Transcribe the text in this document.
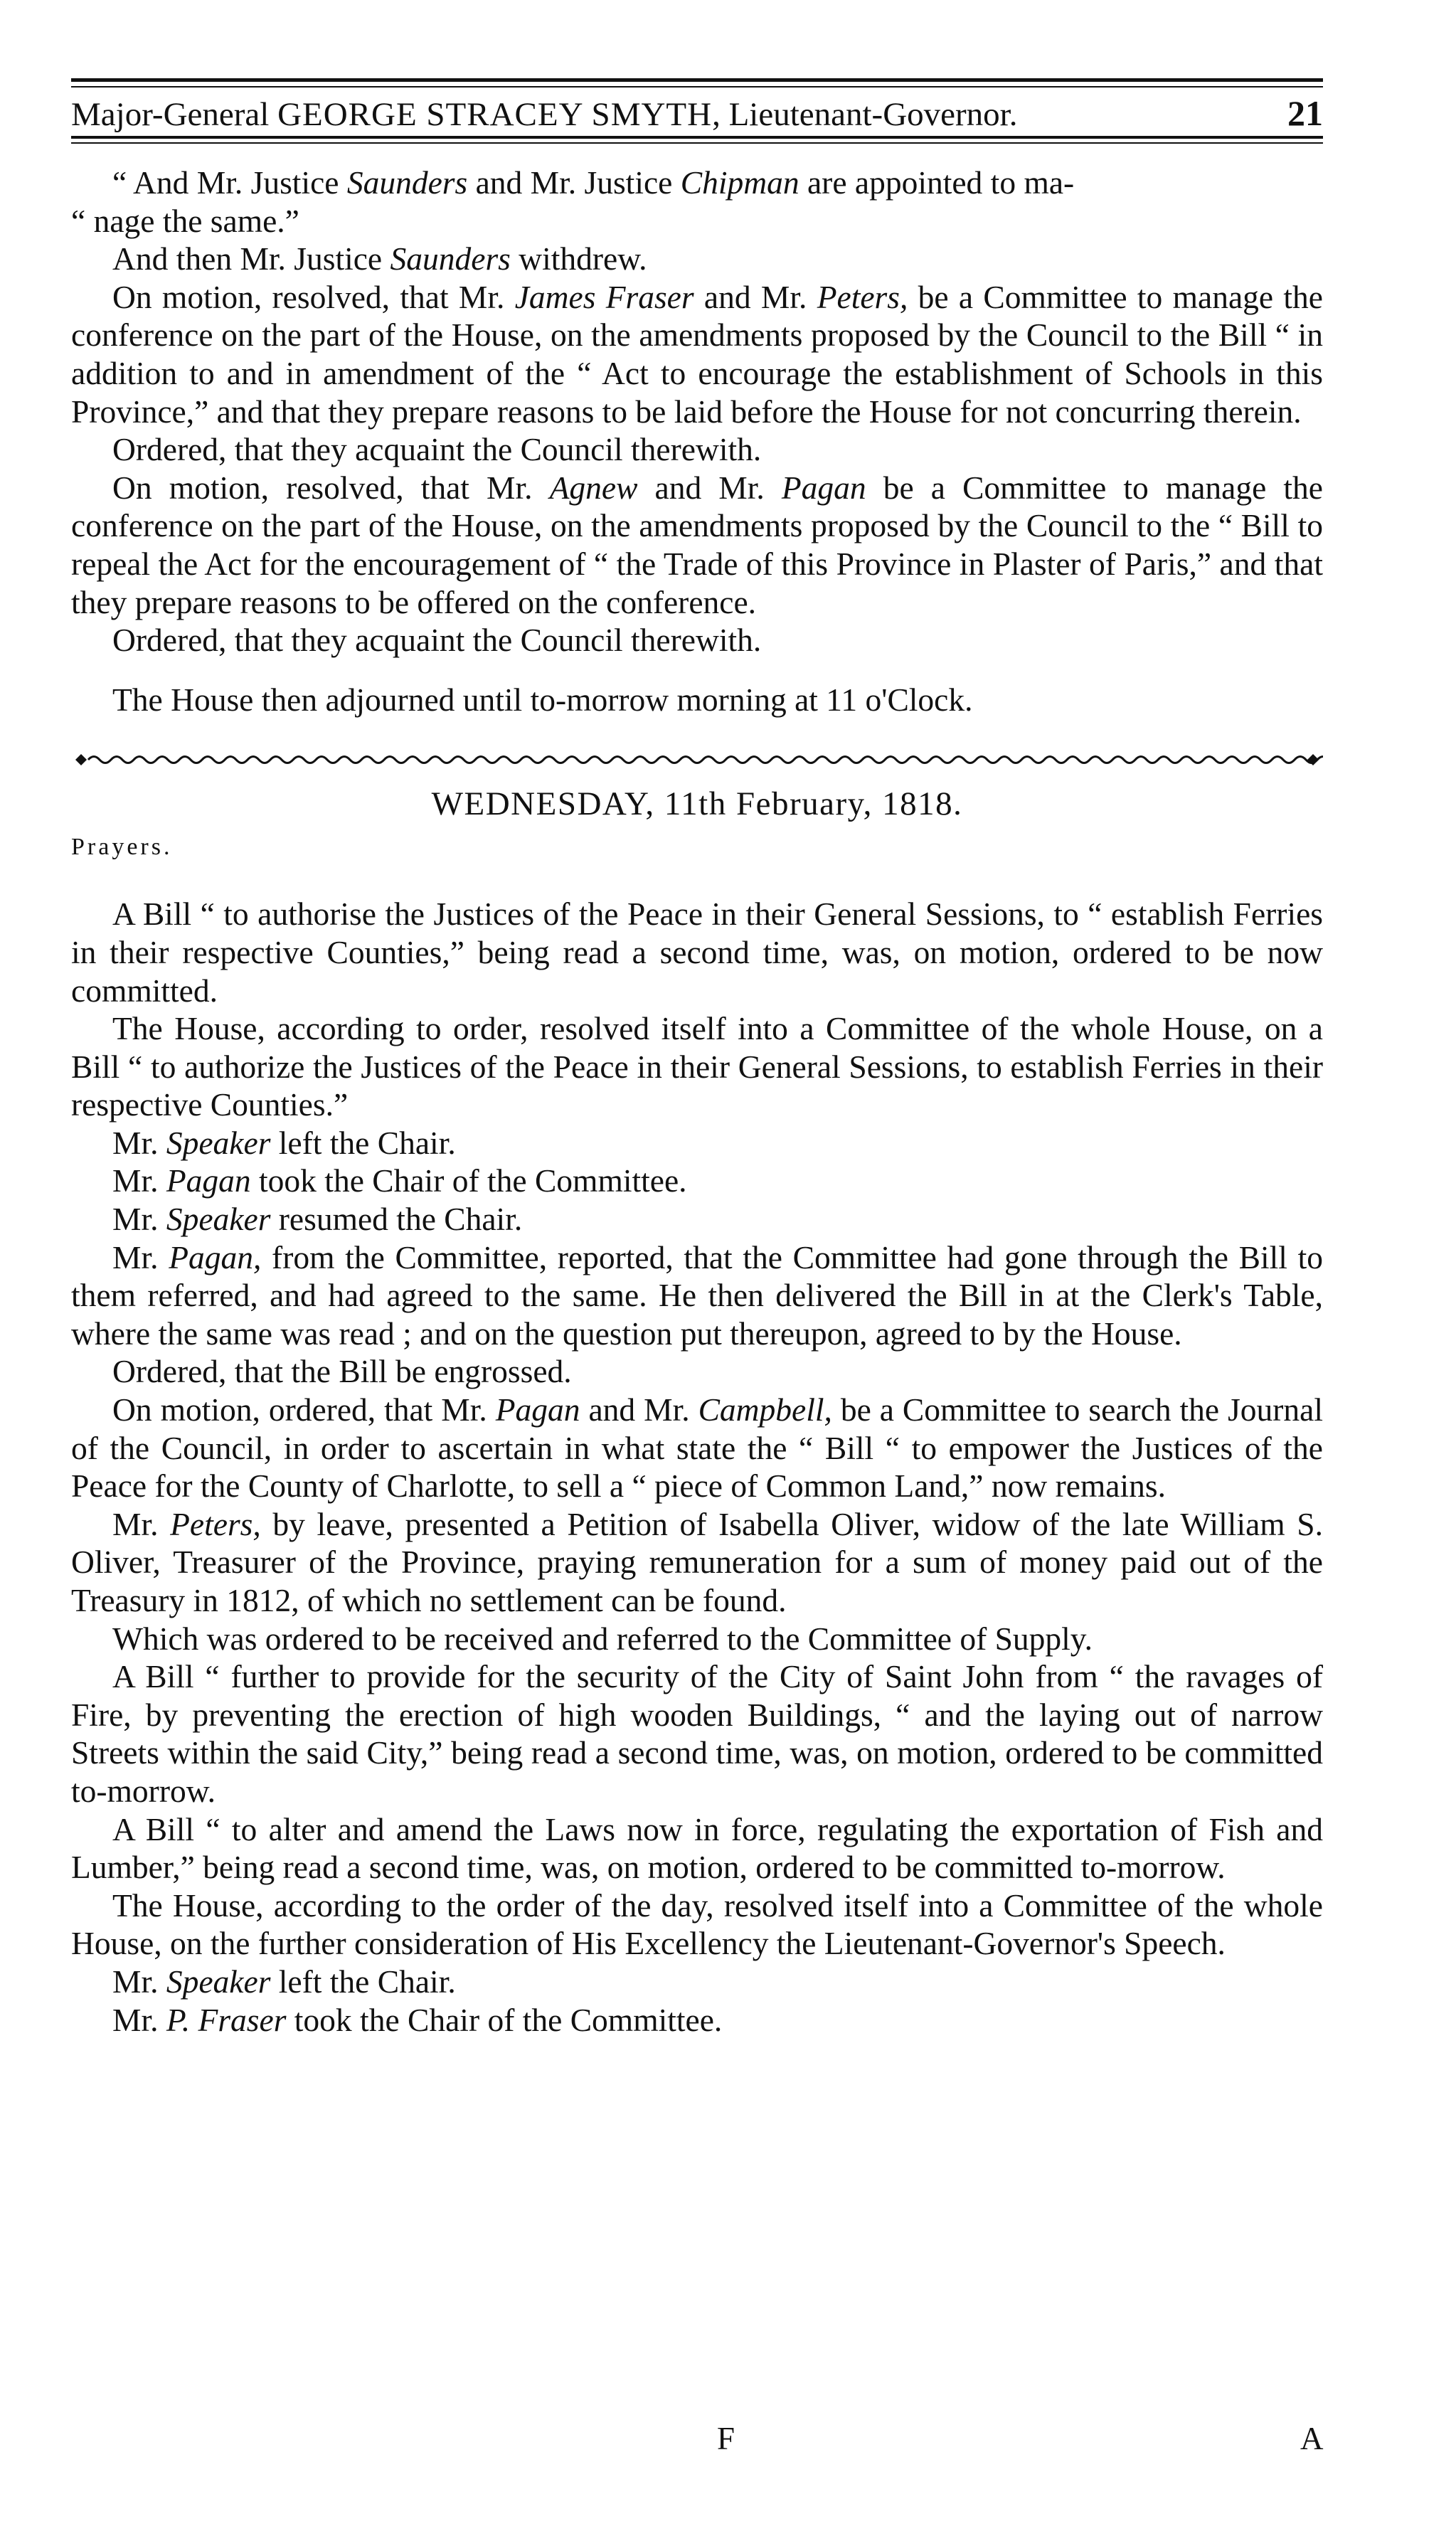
Major-General GEORGE STRACEY SMYTH, Lieutenant-Governor.	21

“ And Mr. Justice Saunders and Mr. Justice Chipman are appointed to ma-
“ nage the same.”

And then Mr. Justice Saunders withdrew.

On motion, resolved, that Mr. James Fraser and Mr. Peters, be a Committee to manage the conference on the part of the House, on the amendments proposed by the Council to the Bill “ in addition to and in amendment of the “ Act to encourage the establishment of Schools in this Province,” and that they prepare reasons to be laid before the House for not concurring therein.

Ordered, that they acquaint the Council therewith.

On motion, resolved, that Mr. Agnew and Mr. Pagan be a Committee to manage the conference on the part of the House, on the amendments proposed by the Council to the “ Bill to repeal the Act for the encouragement of “ the Trade of this Province in Plaster of Paris,” and that they prepare reasons to be offered on the conference.

Ordered, that they acquaint the Council therewith.

The House then adjourned until to-morrow morning at 11 o'Clock.

WEDNESDAY, 11th February, 1818.
Prayers.

A Bill “ to authorise the Justices of the Peace in their General Sessions, to “ establish Ferries in their respective Counties,” being read a second time, was, on motion, ordered to be now committed.

The House, according to order, resolved itself into a Committee of the whole House, on a Bill “ to authorize the Justices of the Peace in their General Sessions, to establish Ferries in their respective Counties.”

Mr. Speaker left the Chair.

Mr. Pagan took the Chair of the Committee.

Mr. Speaker resumed the Chair.

Mr. Pagan, from the Committee, reported, that the Committee had gone through the Bill to them referred, and had agreed to the same. He then delivered the Bill in at the Clerk's Table, where the same was read ; and on the question put thereupon, agreed to by the House.

Ordered, that the Bill be engrossed.

On motion, ordered, that Mr. Pagan and Mr. Campbell, be a Committee to search the Journal of the Council, in order to ascertain in what state the “ Bill “ to empower the Justices of the Peace for the County of Charlotte, to sell a “ piece of Common Land,” now remains.

Mr. Peters, by leave, presented a Petition of Isabella Oliver, widow of the late William S. Oliver, Treasurer of the Province, praying remuneration for a sum of money paid out of the Treasury in 1812, of which no settlement can be found.

Which was ordered to be received and referred to the Committee of Supply.

A Bill “ further to provide for the security of the City of Saint John from “ the ravages of Fire, by preventing the erection of high wooden Buildings, “ and the laying out of narrow Streets within the said City,” being read a second time, was, on motion, ordered to be committed to-morrow.

A Bill “ to alter and amend the Laws now in force, regulating the exportation of Fish and Lumber,” being read a second time, was, on motion, ordered to be committed to-morrow.

The House, according to the order of the day, resolved itself into a Committee of the whole House, on the further consideration of His Excellency the Lieutenant-Governor's Speech.

Mr. Speaker left the Chair.

Mr. P. Fraser took the Chair of the Committee.

F	A
